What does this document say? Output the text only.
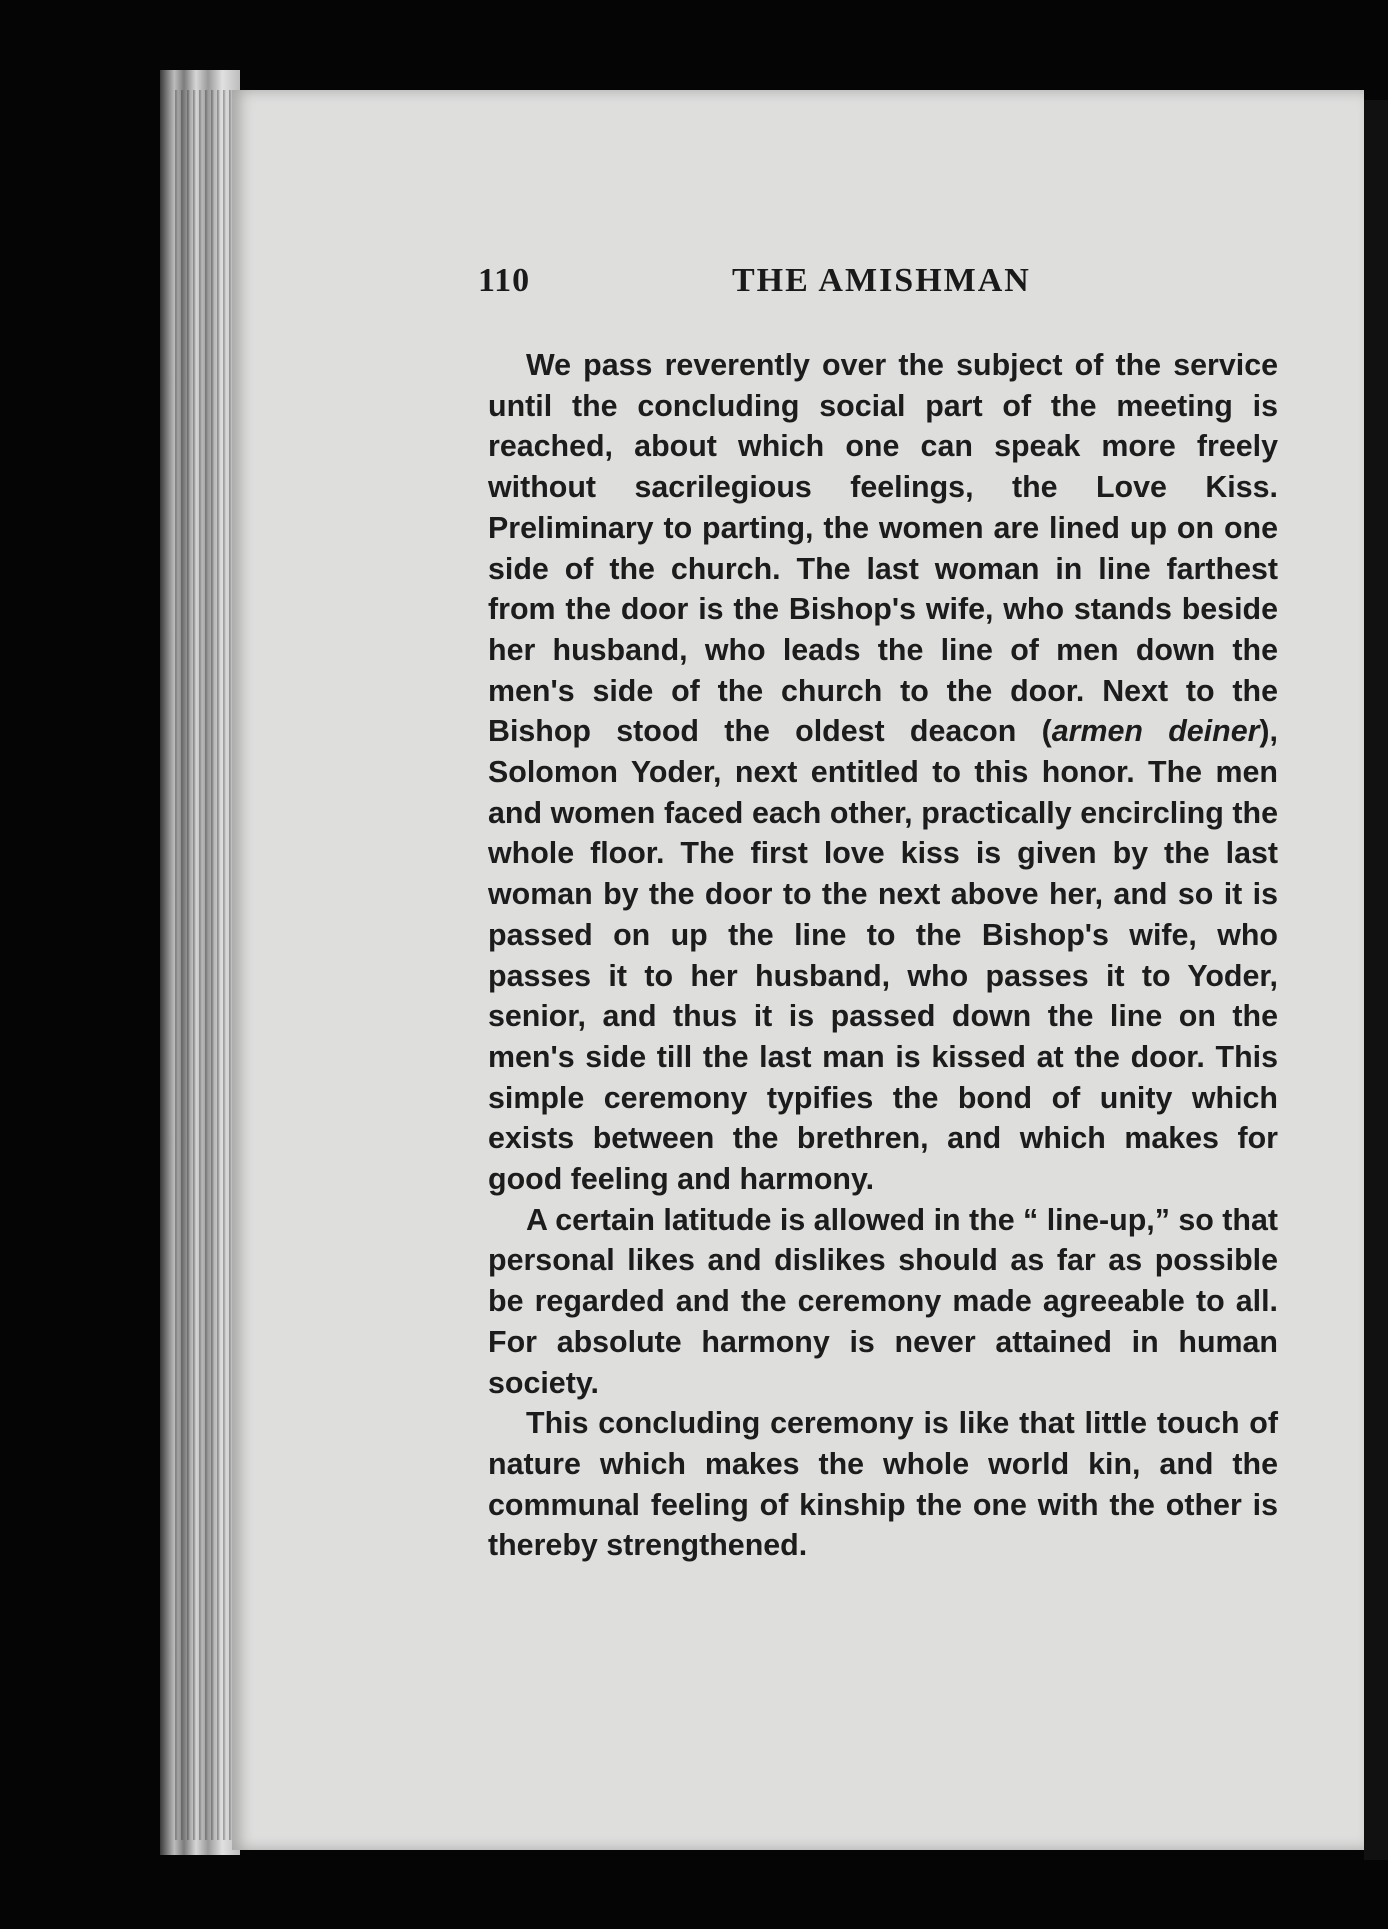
110	THE AMISHMAN

We pass reverently over the subject of the service until the concluding social part of the meeting is reached, about which one can speak more freely without sacrilegious feelings, the Love Kiss. Preliminary to parting, the women are lined up on one side of the church. The last woman in line farthest from the door is the Bishop's wife, who stands beside her husband, who leads the line of men down the men's side of the church to the door. Next to the Bishop stood the oldest deacon (armen deiner), Solomon Yoder, next entitled to this honor. The men and women faced each other, practically encircling the whole floor. The first love kiss is given by the last woman by the door to the next above her, and so it is passed on up the line to the Bishop's wife, who passes it to her husband, who passes it to Yoder, senior, and thus it is passed down the line on the men's side till the last man is kissed at the door. This simple ceremony typifies the bond of unity which exists between the brethren, and which makes for good feeling and harmony.

A certain latitude is allowed in the “ line-up,” so that personal likes and dislikes should as far as possible be regarded and the ceremony made agreeable to all. For absolute harmony is never attained in human society.

This concluding ceremony is like that little touch of nature which makes the whole world kin, and the communal feeling of kinship the one with the other is thereby strengthened.
